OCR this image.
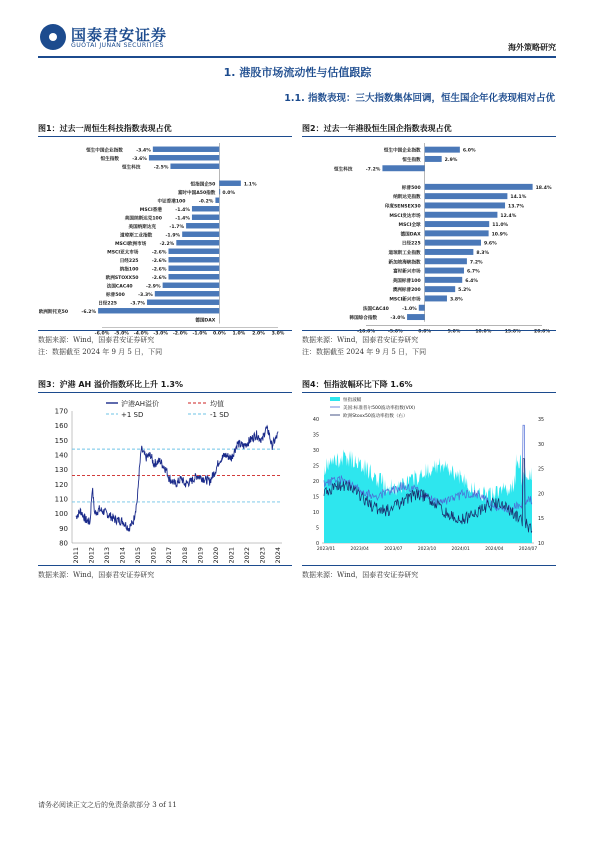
国泰君安证券
GUOTAI JUNAN SECURITIES	海外策略研究
1. 港股市场流动性与估值跟踪
1.1. 指数表现：三大指数集体回调，恒生国企年化表现相对占优
图1：过去一周恒生科技指数表现占优
恒生中国企业指数	-3.4%
恒生指数	-3.6%
恒生科技	-2.5%
恒指国企50	1.1%
富时中国A50指数 0.0%
中证香港100	-0.2%
MSCI香港	-1.4%
美国纳斯达克100	-1.4%
美国纳斯达克	-1.7%
道琼斯工业指数	-1.9%
MSCI欧洲市场	-2.2%
MSCI亚太市场	-2.6%
日经225	-2.6%
纳指100	-2.6%
欧洲STOXX50	-2.6%
法国CAC40	-2.9%
标普500	-3.3%
日经225	-3.7%
欧洲斯托克50	-6.2%
德国DAX
-6.0% -5.0% -4.0% -3.0% -2.0% -1.0% 0.0% 1.0% 2.0% 3.0%
数据来源：Wind，国泰君安证券研究
注：数据截至 2024 年 9 月 5 日，下同
图2：过去一年港股恒生国企指数表现占优
恒生中国企业指数	6.0%
恒生指数	2.9%
恒生科技	-7.2%
标普500	18.4%
纳斯达克指数	14.1%
印度SENSEX30	13.7%
MSCI发达市场	12.4%
MSCI全球	11.0%
德国DAX	10.9%
日经225	9.6%
道琼斯工业指数	8.3%
新加坡海峡指数	7.2%
富时新兴市场	6.7%
美国标普100	6.4%
澳洲标普200	5.2%
MSCI新兴市场	3.8%
法国CAC40	-1.0%
韩国综合指数	-3.0%
-10.0%	-5.0%	0.0%	5.0%	10.0%	15.0%	20.0%
数据来源：Wind，国泰君安证券研究
注：数据截至 2024 年 9 月 5 日，下同
图3：沪港 AH 溢价指数环比上升 1.3%
沪港AH溢价	均值
+1 SD	-1 SD
80
90
100
110
120
130
140
150
160
170
2011 2012 2013 2014 2015 2016 2017 2018 2019 2020 2021 2022 2023 2024
数据来源：Wind，国泰君安证券研究
图4：恒指波幅环比下降 1.6%
恒指波幅
美国:标准普尔500波动率指数(VIX)
欧洲Stoxx50波动率指数（右）
0
5
10
15
20
25
30
35
40
10
15
20
25
30
35
2023/01	2023/04	2023/07	2023/10	2024/01	2024/04	2024/07
数据来源：Wind，国泰君安证券研究
请务必阅读正文之后的免责条款部分 3 of 11
